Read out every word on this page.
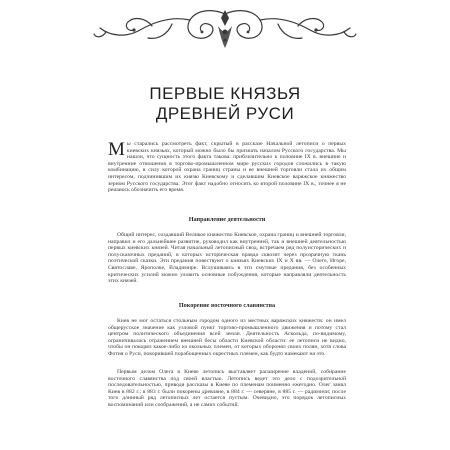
ПЕРВЫЕ КНЯЗЬЯ
ДРЕВНЕЙ РУСИ

Мы старались рассмотреть факт, скрытый в рассказе Начальной летописи о первых киевских князьях, который можно было бы признать началом Русского государства. Мы нашли, что сущность этого факта такова: приблизительно к половине IX в. внешние и внутренние отношения в торгово-промышленном мире русских городов сложились в такую комбинацию, в силу которой охрана границ страны и ее внешней торговли стала их общим интересом, подчинившим их князю Киевскому и сделавшим Киевское варяжское княжество зерном Русского государства. Этот факт надобно относить ко второй половине IX в., точнее я не решаюсь обозначить его время.

Направление деятельности

Общий интерес, создавший Великое княжество Киевское, охрана границ и внешней торговли, направил и его дальнейшее развитие, руководил как внутренней, так и внешней деятельностью первых киевских князей. Читая начальный летописный свод, встречаем ряд полуисторических и полусказочных преданий, в которых историческая правда сквозит через прозрачную ткань поэтической сказки. Эти предания повествуют о князьях Киевских IX и X вв. — Олеге, Игоре, Святославе, Ярополке, Владимире. Вслушиваясь в эти смутные предания, без особенных критических усилий можно уловить основные побуждения, которые направляли деятельность этих князей.

Покорение восточного славянства

Киев не мог остаться стольным городом одного из местных варяжских княжеств: он имел общерусское значение как узловой пункт торгово-промышленного движения и потому стал центром политического объединения всей земли. Деятельность Аскольда, по-видимому, ограничивалась отражением внешней бесы области Киевской области: ее летописи не видно, чтобы он покорял какое-либо из окольных племен, от которых оборонял своих полян, хотя слова Фотия о Руси, покорившей порабощенных окрестных племен, как будто намекают на это.

Первым делом Олега в Киеве летопись выставляет расширение владений, собирание восточного славянства под своей властью. Летопись ведет это дело с подозрительной последовательностью, приводя рассказы в Киеве по племенам поименно ежегодно. Олег занял Киев в 882 г.; в 883 г. были покорены древляне, в 884 г. — северяне, в 885 г. — радимичи; после того длинный ряд летописных лет остается пустым. Очевидно, это порядок летописных воспоминаний или соображений, а не самих событий.
